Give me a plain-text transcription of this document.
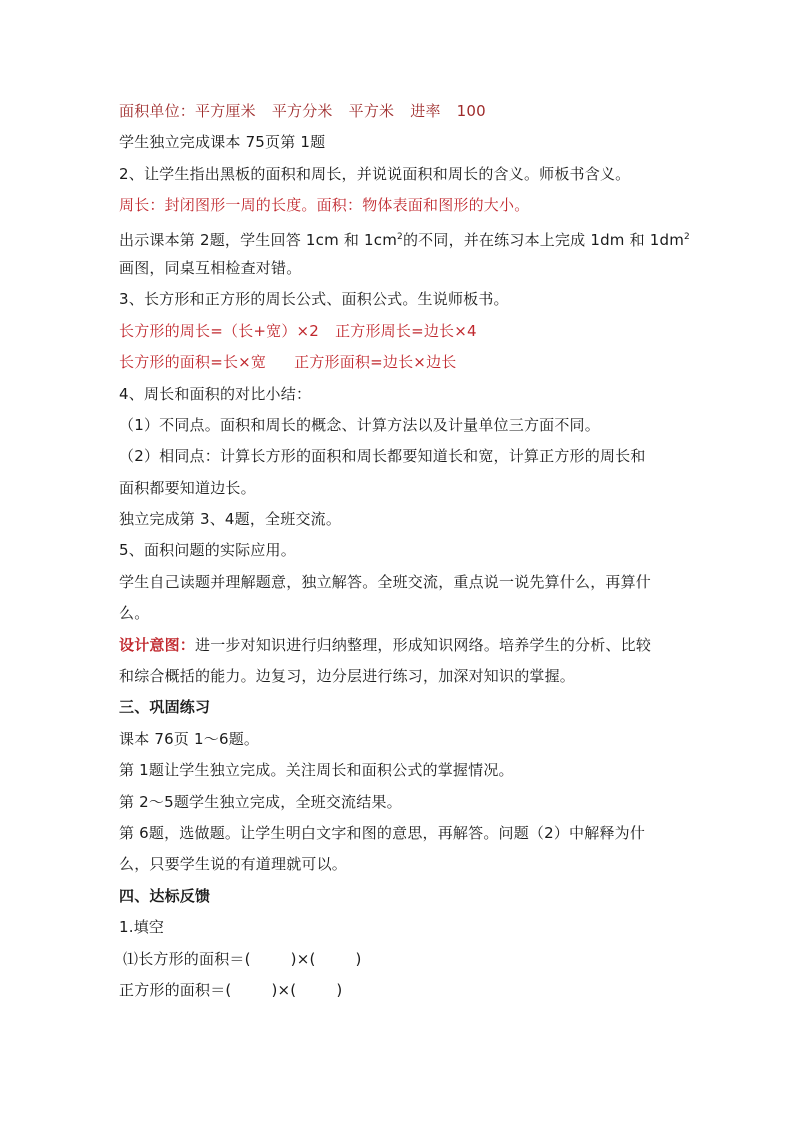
面积单位：平方厘米 平方分米 平方米 进率 100
学生独立完成课本 75页第 1题
2、让学生指出黑板的面积和周长，并说说面积和周长的含义。师板书含义。
周长：封闭图形一周的长度。面积：物体表面和图形的大小。
出示课本第 2题，学生回答 1cm 和 $1cm^2$的不同，并在练习本上完成 1dm 和 $1dm^2$
画图，同桌互相检查对错。
3、长方形和正方形的周长公式、面积公式。生说师板书。
长方形的周长=（长+宽）×2 正方形周长=边长×4
长方形的面积=长×宽 正方形面积=边长×边长
4、周长和面积的对比小结：
（1）不同点。面积和周长的概念、计算方法以及计量单位三方面不同。
（2）相同点：计算长方形的面积和周长都要知道长和宽，计算正方形的周长和
面积都要知道边长。
独立完成第 3、4题，全班交流。
5、面积问题的实际应用。
学生自己读题并理解题意，独立解答。全班交流，重点说一说先算什么，再算什
么。
设计意图：进一步对知识进行归纳整理，形成知识网络。培养学生的分析、比较
和综合概括的能力。边复习，边分层进行练习，加深对知识的掌握。
三、巩固练习
课本 76页 1～6题。
第 1题让学生独立完成。关注周长和面积公式的掌握情况。
第 2～5题学生独立完成，全班交流结果。
第 6题，选做题。让学生明白文字和图的意思，再解答。问题（2）中解释为什
么，只要学生说的有道理就可以。
四、达标反馈
1.填空
⑴长方形的面积＝(	)×(	)
正方形的面积＝(	)×(	)
